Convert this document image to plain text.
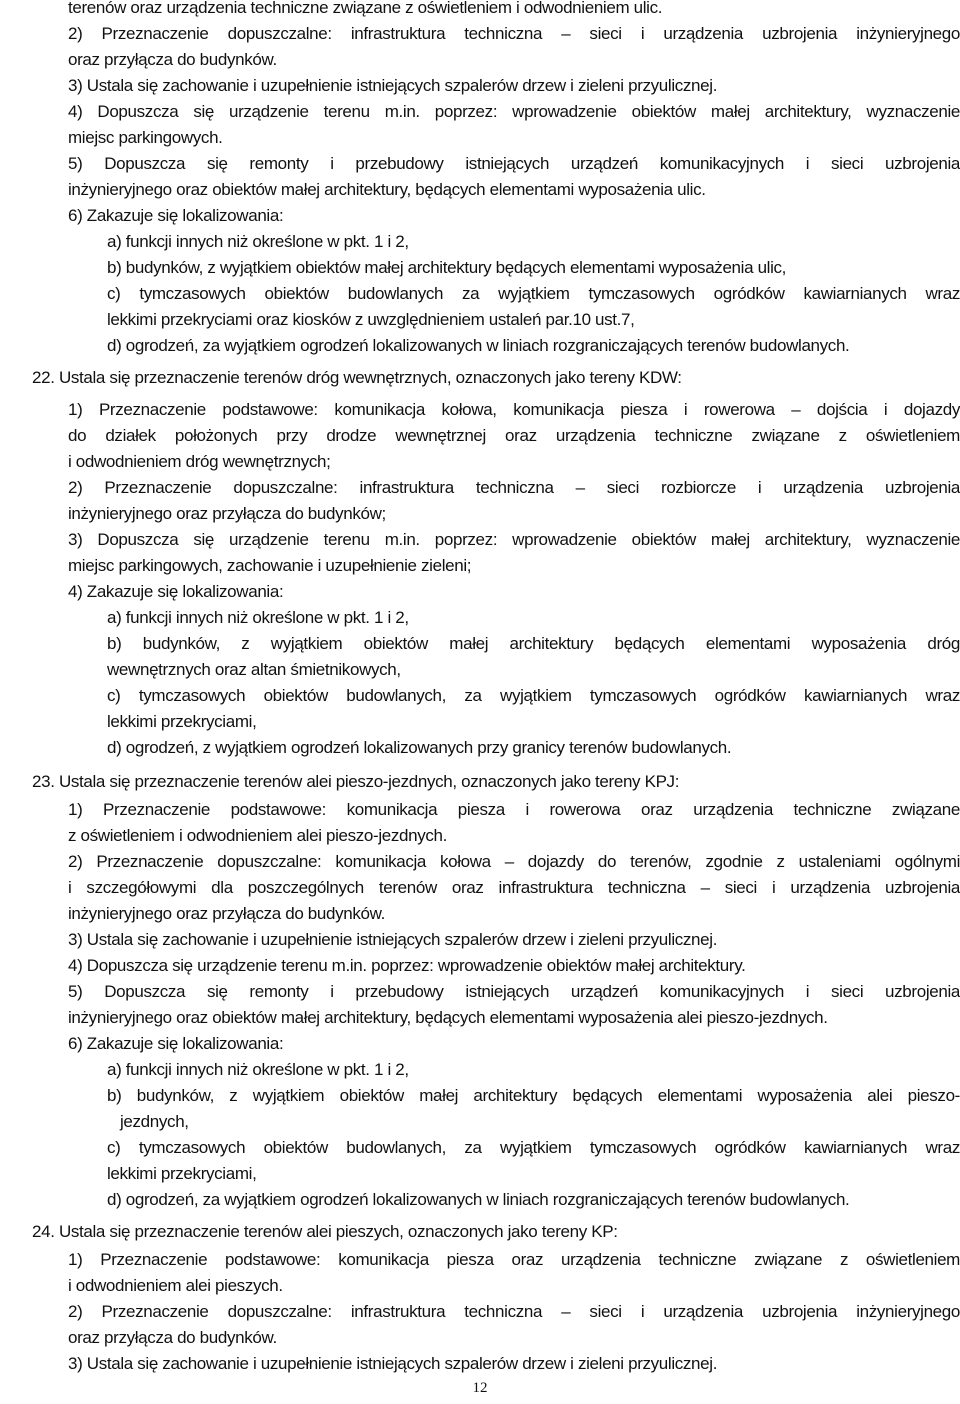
terenów oraz urządzenia techniczne związane z oświetleniem i odwodnieniem ulic.
2) Przeznaczenie dopuszczalne: infrastruktura techniczna – sieci i urządzenia uzbrojenia inżynieryjnego
oraz przyłącza do budynków.
3) Ustala się zachowanie i uzupełnienie istniejących szpalerów drzew i zieleni przyulicznej.
4) Dopuszcza się urządzenie terenu m.in. poprzez: wprowadzenie obiektów małej architektury, wyznaczenie
miejsc parkingowych.
5) Dopuszcza się remonty i przebudowy istniejących urządzeń komunikacyjnych i sieci uzbrojenia
inżynieryjnego oraz obiektów małej architektury, będących elementami wyposażenia ulic.
6) Zakazuje się lokalizowania:
a) funkcji innych niż określone w pkt. 1 i 2,
b) budynków, z wyjątkiem obiektów małej architektury będących elementami wyposażenia ulic,
c) tymczasowych obiektów budowlanych za wyjątkiem tymczasowych ogródków kawiarnianych wraz
lekkimi przekryciami oraz kiosków z uwzględnieniem ustaleń par.10 ust.7,
d) ogrodzeń, za wyjątkiem ogrodzeń lokalizowanych w liniach rozgraniczających terenów budowlanych.
22. Ustala się przeznaczenie terenów dróg wewnętrznych, oznaczonych jako tereny KDW:
1) Przeznaczenie podstawowe: komunikacja kołowa, komunikacja piesza i rowerowa – dojścia i dojazdy
do działek położonych przy drodze wewnętrznej oraz urządzenia techniczne związane z oświetleniem
i odwodnieniem dróg wewnętrznych;
2) Przeznaczenie dopuszczalne: infrastruktura techniczna – sieci rozbiorcze i urządzenia uzbrojenia
inżynieryjnego oraz przyłącza do budynków;
3) Dopuszcza się urządzenie terenu m.in. poprzez: wprowadzenie obiektów małej architektury, wyznaczenie
miejsc parkingowych, zachowanie i uzupełnienie zieleni;
4) Zakazuje się lokalizowania:
a) funkcji innych niż określone w pkt. 1 i 2,
b) budynków, z wyjątkiem obiektów małej architektury będących elementami wyposażenia dróg
wewnętrznych oraz altan śmietnikowych,
c) tymczasowych obiektów budowlanych, za wyjątkiem tymczasowych ogródków kawiarnianych wraz
lekkimi przekryciami,
d) ogrodzeń, z wyjątkiem ogrodzeń lokalizowanych przy granicy terenów budowlanych.
23. Ustala się przeznaczenie terenów alei pieszo-jezdnych, oznaczonych jako tereny KPJ:
1) Przeznaczenie podstawowe: komunikacja piesza i rowerowa oraz urządzenia techniczne związane
z oświetleniem i odwodnieniem alei pieszo-jezdnych.
2) Przeznaczenie dopuszczalne: komunikacja kołowa – dojazdy do terenów, zgodnie z ustaleniami ogólnymi
i szczegółowymi dla poszczególnych terenów oraz infrastruktura techniczna – sieci i urządzenia uzbrojenia
inżynieryjnego oraz przyłącza do budynków.
3) Ustala się zachowanie i uzupełnienie istniejących szpalerów drzew i zieleni przyulicznej.
4) Dopuszcza się urządzenie terenu m.in. poprzez: wprowadzenie obiektów małej architektury.
5) Dopuszcza się remonty i przebudowy istniejących urządzeń komunikacyjnych i sieci uzbrojenia
inżynieryjnego oraz obiektów małej architektury, będących elementami wyposażenia alei pieszo-jezdnych.
6) Zakazuje się lokalizowania:
a) funkcji innych niż określone w pkt. 1 i 2,
b) budynków, z wyjątkiem obiektów małej architektury będących elementami wyposażenia alei pieszo-
jezdnych,
c) tymczasowych obiektów budowlanych, za wyjątkiem tymczasowych ogródków kawiarnianych wraz
lekkimi przekryciami,
d) ogrodzeń, za wyjątkiem ogrodzeń lokalizowanych w liniach rozgraniczających terenów budowlanych.
24. Ustala się przeznaczenie terenów alei pieszych, oznaczonych jako tereny KP:
1) Przeznaczenie podstawowe: komunikacja piesza oraz urządzenia techniczne związane z oświetleniem
i odwodnieniem alei pieszych.
2) Przeznaczenie dopuszczalne: infrastruktura techniczna – sieci i urządzenia uzbrojenia inżynieryjnego
oraz przyłącza do budynków.
3) Ustala się zachowanie i uzupełnienie istniejących szpalerów drzew i zieleni przyulicznej.
12
